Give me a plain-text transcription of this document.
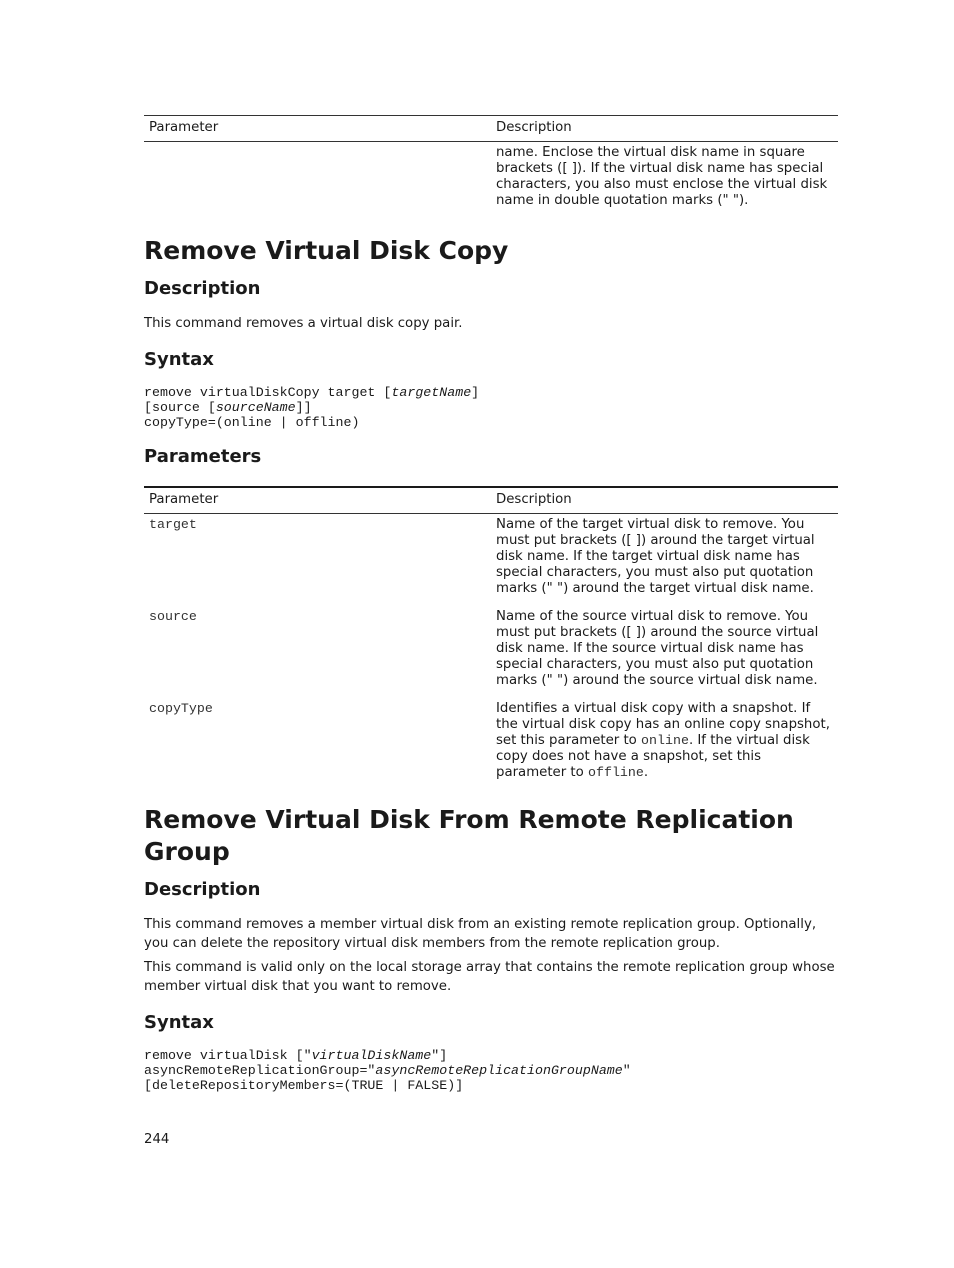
Parameter	Description
	name. Enclose the virtual disk name in square brackets ([ ]). If the virtual disk name has special characters, you also must enclose the virtual disk name in double quotation marks (" ").
Remove Virtual Disk Copy
Description

This command removes a virtual disk copy pair.

Syntax
remove virtualDiskCopy target [targetName]
[source [sourceName]]
copyType=(online | offline)
Parameters
Parameter	Description
target	Name of the target virtual disk to remove. You must put brackets ([ ]) around the target virtual disk name. If the target virtual disk name has special characters, you must also put quotation marks (" ") around the target virtual disk name.
source	Name of the source virtual disk to remove. You must put brackets ([ ]) around the source virtual disk name. If the source virtual disk name has special characters, you must also put quotation marks (" ") around the source virtual disk name.
copyType	Identifies a virtual disk copy with a snapshot. If the virtual disk copy has an online copy snapshot, set this parameter to online. If the virtual disk copy does not have a snapshot, set this parameter to offline.
Remove Virtual Disk From Remote Replication Group
Description

This command removes a member virtual disk from an existing remote replication group. Optionally, you can delete the repository virtual disk members from the remote replication group.

This command is valid only on the local storage array that contains the remote replication group whose member virtual disk that you want to remove.

Syntax
remove virtualDisk ["virtualDiskName"]
asyncRemoteReplicationGroup="asyncRemoteReplicationGroupName"
[deleteRepositoryMembers=(TRUE | FALSE)]
244
